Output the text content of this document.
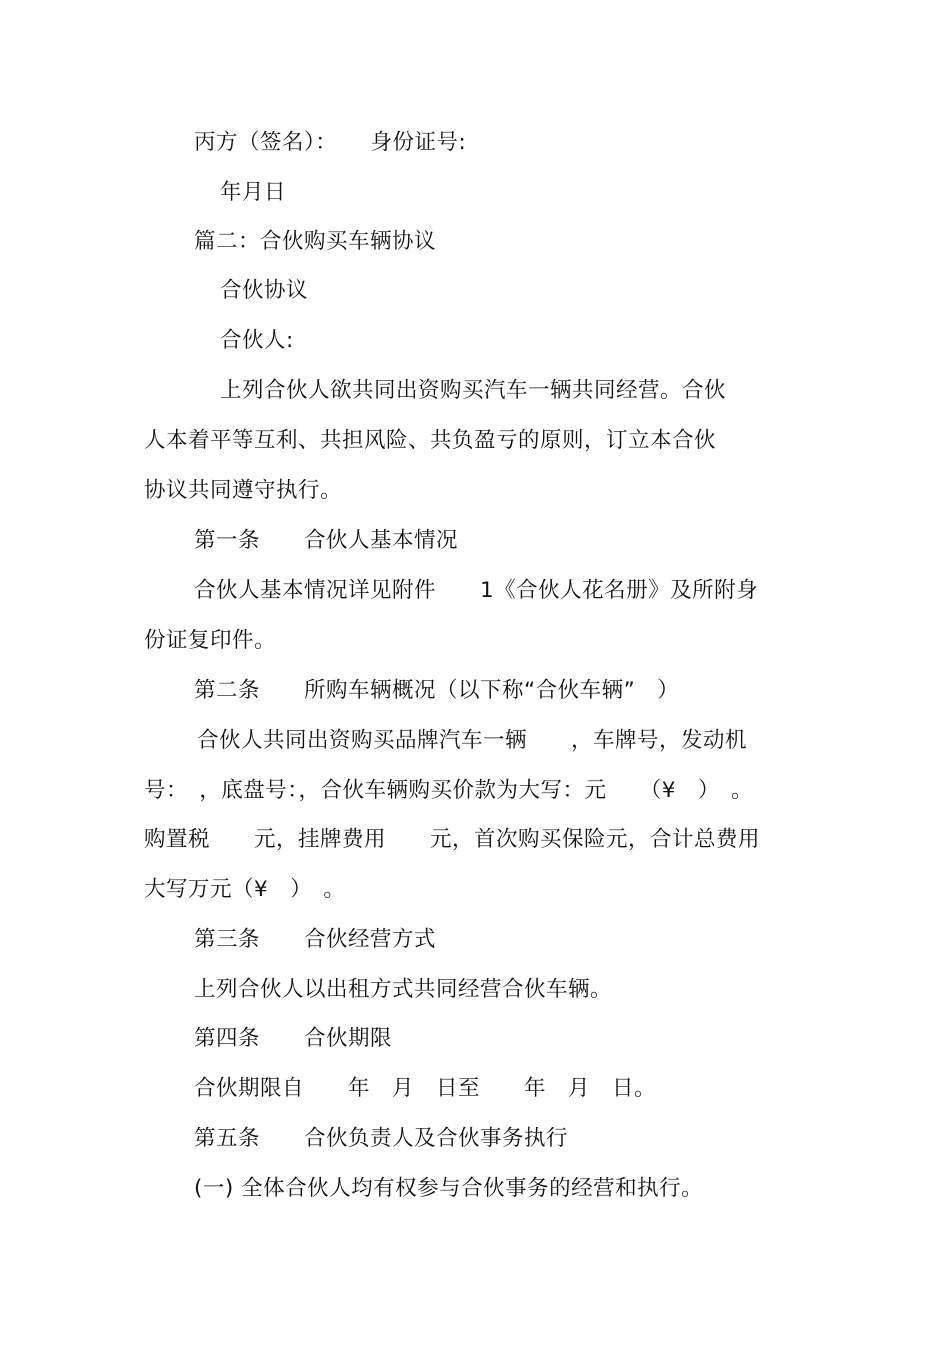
丙方（签名）：　　身份证号:
年月日
篇二：合伙购买车辆协议
合伙协议
合伙人:
上列合伙人欲共同出资购买汽车一辆共同经营。合伙
人本着平等互利、共担风险、共负盈亏的原则，订立本合伙
协议共同遵守执行。
第一条　　合伙人基本情况
合伙人基本情况详见附件　　1《合伙人花名册》及所附身
份证复印件。
第二条　　所购车辆概况（以下称“合伙车辆”　）
合伙人共同出资购买品牌汽车一辆　　，车牌号，发动机
号：　，底盘号：，合伙车辆购买价款为大写：元　　（¥　）　。
购置税　　元，挂牌费用　　元，首次购买保险元，合计总费用
大写万元（¥　）　。
第三条　　合伙经营方式
上列合伙人以出租方式共同经营合伙车辆。
第四条　　合伙期限
合伙期限自　　年　月　日至　　年　月　日。
第五条　　合伙负责人及合伙事务执行
(一) 全体合伙人均有权参与合伙事务的经营和执行。
